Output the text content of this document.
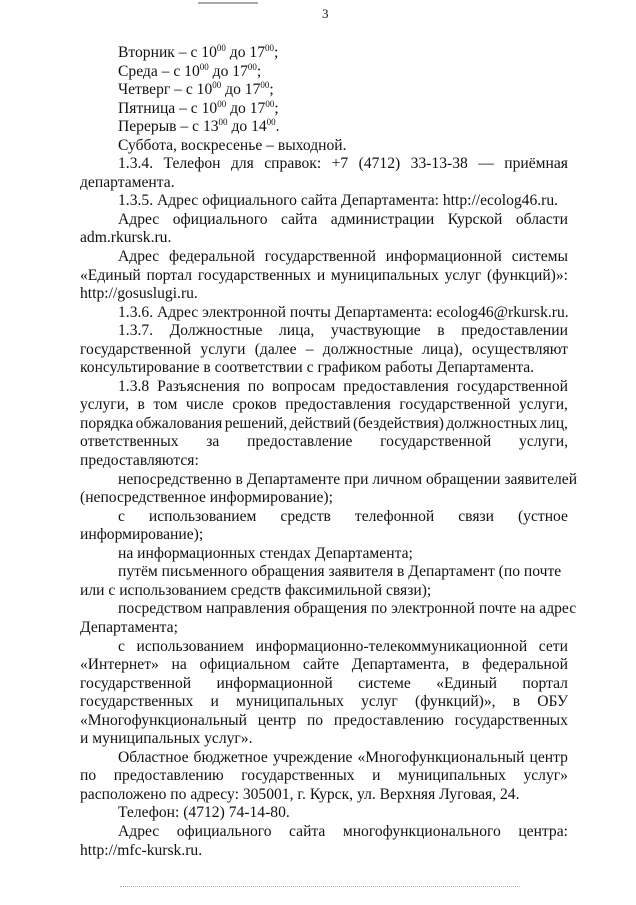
3
Вторник – с $10^{00}$ до $17^{00}$;
Среда – с $10^{00}$ до $17^{00}$;
Четверг – с $10^{00}$ до $17^{00}$;
Пятница – с $10^{00}$ до $17^{00}$;
Перерыв – с $13^{00}$ до $14^{00}$.
Суббота, воскресенье – выходной.
1.3.4. Телефон для справок: +7 (4712) 33-13-38 — приёмная
департамента.
1.3.5. Адрес официального сайта Департамента: http://ecolog46.ru.
Адрес официального сайта администрации Курской области
adm.rkursk.ru.
Адрес федеральной государственной информационной системы
«Единый портал государственных и муниципальных услуг (функций)»:
http://gosuslugi.ru.
1.3.6. Адрес электронной почты Департамента: ecolog46@rkursk.ru.
1.3.7. Должностные лица, участвующие в предоставлении
государственной услуги (далее – должностные лица), осуществляют
консультирование в соответствии с графиком работы Департамента.
1.3.8 Разъяснения по вопросам предоставления государственной
услуги, в том числе сроков предоставления государственной услуги,
порядка обжалования решений, действий (бездействия) должностных лиц,
ответственных за предоставление государственной услуги,
предоставляются:
непосредственно в Департаменте при личном обращении заявителей
(непосредственное информирование);
с использованием средств телефонной связи (устное
информирование);
на информационных стендах Департамента;
путём письменного обращения заявителя в Департамент (по почте
или с использованием средств факсимильной связи);
посредством направления обращения по электронной почте на адрес
Департамента;
с использованием информационно-телекоммуникационной сети
«Интернет» на официальном сайте Департамента, в федеральной
государственной информационной системе «Единый портал
государственных и муниципальных услуг (функций)», в ОБУ
«Многофункциональный центр по предоставлению государственных
и муниципальных услуг».
Областное бюджетное учреждение «Многофункциональный центр
по предоставлению государственных и муниципальных услуг»
расположено по адресу: 305001, г. Курск, ул. Верхняя Луговая, 24.
Телефон: (4712) 74-14-80.
Адрес официального сайта многофункционального центра:
http://mfc-kursk.ru.
